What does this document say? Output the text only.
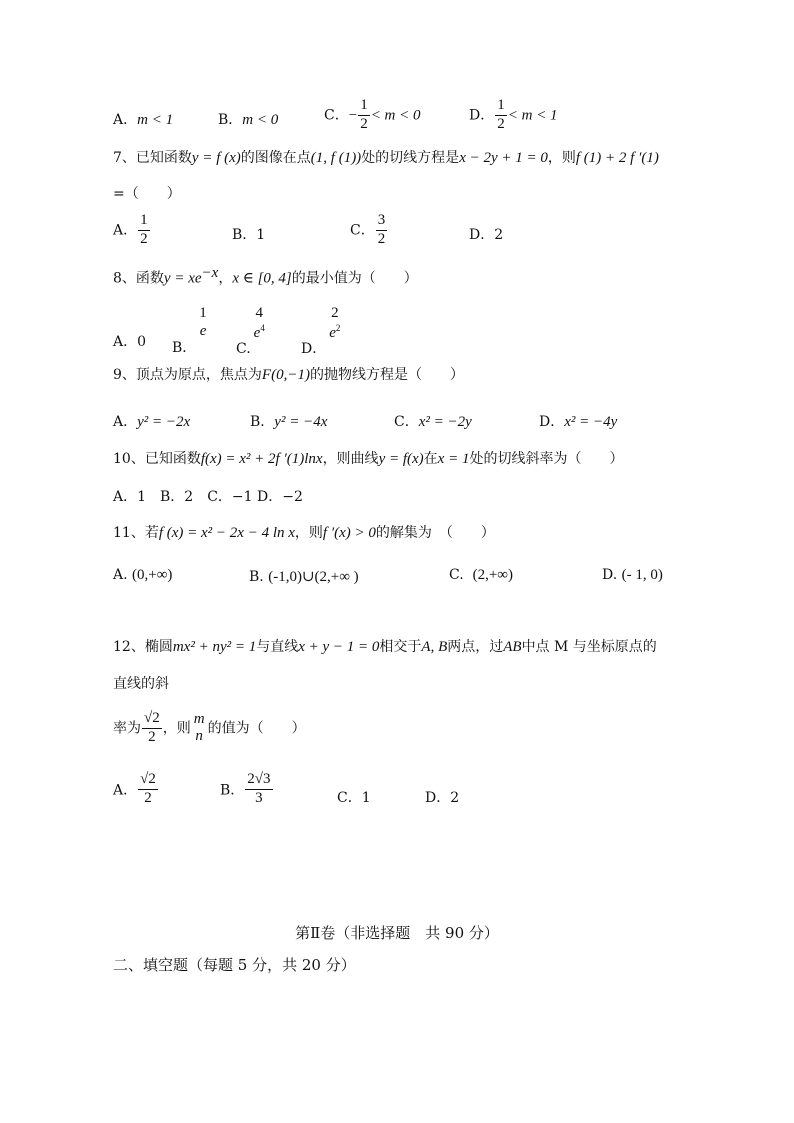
A．m < 1	B．m < 0	C．− $\frac{1}{2} < m < 0$	D． $\frac{1}{2} < m < 1$
7、已知函数y = f (x)的图像在点(1, f (1))处的切线方程是x − 2y + 1 = 0，则f (1) + 2 f ′(1)
=（　　）
A． $\frac{1}{2}$	B．1	C． $\frac{3}{2}$	D．2
8、函数$y = xe^{-x}$，x ∈ [0, 4]的最小值为（　　）
A．0 B．
1
e
C.
4
$e^4$
D．
2
$e^2$
9、顶点为原点，焦点为F(0,−1)的抛物线方程是（　　）
A．y² = −2x	B．y² = −4x	C．x² = −2y	D．x² = −4y
10、已知函数f(x) = x² + 2f ′(1)lnx，则曲线y = f(x)在x = 1处的切线斜率为（　　）
A．1　B．2　C．−1 D．−2
11、若f (x) = x² − 2x − 4 ln x，则f ′(x) > 0的解集为　（　　）
A. (0,+∞)	B. (-1,0)∪(2,+∞ )	C. (2,+∞)	D. (- 1, 0)
12、椭圆mx² + ny² = 1与直线x + y − 1 = 0相交于A, B两点，过AB中点 M 与坐标原点的
直线的斜
率为 $\frac{√2}{2}$ ，则
m
n 的值为（　　）
A． $\frac{√2}{2}$	B． $\frac{2√3}{3}$	C．1	D．2
第Ⅱ卷（非选择题　共 90 分）
二、填空题（每题 5 分，共 20 分）
